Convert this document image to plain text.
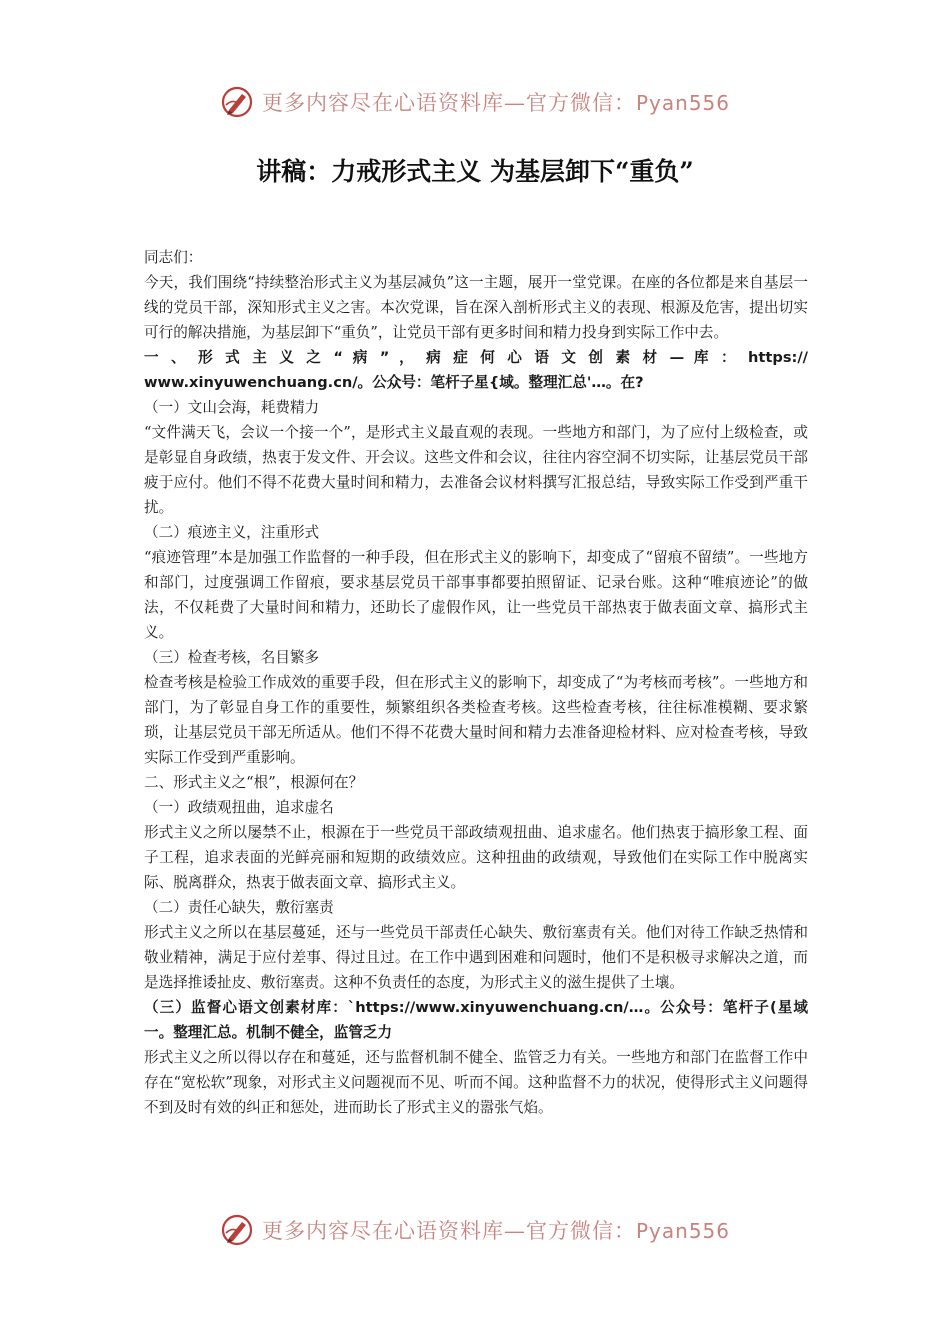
更多内容尽在心语资料库—官方微信：Pyan556
讲稿：力戒形式主义 为基层卸下“重负”

同志们：

今天，我们围绕“持续整治形式主义为基层减负”这一主题，展开一堂党课。在座的各位都是来自基层一线的党员干部，深知形式主义之害。本次党课，旨在深入剖析形式主义的表现、根源及危害，提出切实可行的解决措施，为基层卸下“重负”，让党员干部有更多时间和精力投身到实际工作中去。

一 、 形 式 主 义 之 “ 病 ” ， 病 症 何 心 语 文 创 素 材 — 库 ： https://

www.xinyuwenchuang.cn/。公众号：笔杆子星{域。整理汇总'…。在?

（一）文山会海，耗费精力

“文件满天飞，会议一个接一个”，是形式主义最直观的表现。一些地方和部门，为了应付上级检查，或是彰显自身政绩，热衷于发文件、开会议。这些文件和会议，往往内容空洞不切实际，让基层党员干部疲于应付。他们不得不花费大量时间和精力，去准备会议材料撰写汇报总结，导致实际工作受到严重干扰。

（二）痕迹主义，注重形式

“痕迹管理”本是加强工作监督的一种手段，但在形式主义的影响下，却变成了“留痕不留绩”。一些地方和部门，过度强调工作留痕，要求基层党员干部事事都要拍照留证、记录台账。这种“唯痕迹论”的做法，不仅耗费了大量时间和精力，还助长了虚假作风，让一些党员干部热衷于做表面文章、搞形式主义。

（三）检查考核，名目繁多

检查考核是检验工作成效的重要手段，但在形式主义的影响下，却变成了“为考核而考核”。一些地方和部门，为了彰显自身工作的重要性，频繁组织各类检查考核。这些检查考核，往往标准模糊、要求繁琐，让基层党员干部无所适从。他们不得不花费大量时间和精力去准备迎检材料、应对检查考核，导致实际工作受到严重影响。

二、形式主义之“根”，根源何在？

（一）政绩观扭曲，追求虚名

形式主义之所以屡禁不止，根源在于一些党员干部政绩观扭曲、追求虚名。他们热衷于搞形象工程、面子工程，追求表面的光鲜亮丽和短期的政绩效应。这种扭曲的政绩观，导致他们在实际工作中脱离实际、脱离群众，热衷于做表面文章、搞形式主义。

（二）责任心缺失，敷衍塞责

形式主义之所以在基层蔓延，还与一些党员干部责任心缺失、敷衍塞责有关。他们对待工作缺乏热情和敬业精神，满足于应付差事、得过且过。在工作中遇到困难和问题时，他们不是积极寻求解决之道，而是选择推诿扯皮、敷衍塞责。这种不负责任的态度，为形式主义的滋生提供了土壤。

（三）监督心语文创素材库：`https://www.xinyuwenchuang.cn/…。公众号：笔杆子(星域一。整理汇总。机制不健全，监管乏力

形式主义之所以得以存在和蔓延，还与监督机制不健全、监管乏力有关。一些地方和部门在监督工作中存在“宽松软”现象，对形式主义问题视而不见、听而不闻。这种监督不力的状况，使得形式主义问题得不到及时有效的纠正和惩处，进而助长了形式主义的嚣张气焰。

更多内容尽在心语资料库—官方微信：Pyan556
